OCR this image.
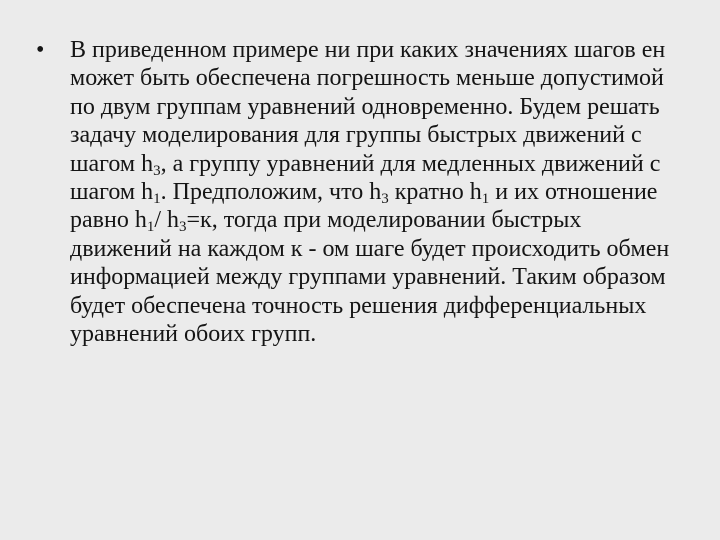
•	В приведенном примере ни при каких значениях шагов ен
может быть обеспечена погрешность меньше допустимой
по двум группам уравнений одновременно. Будем решать
задачу моделирования для группы быстрых движений с
шагом $h_3$, а группу уравнений для медленных движений с
шагом $h_1$. Предположим, что $h_3$ кратно $h_1$ и их отношение
равно $h_1/$ $h_3=к$, тогда при моделировании быстрых
движений на каждом к - ом шаге будет происходить обмен
информацией между группами уравнений. Таким образом
будет обеспечена точность решения дифференциальных
уравнений обоих групп.
